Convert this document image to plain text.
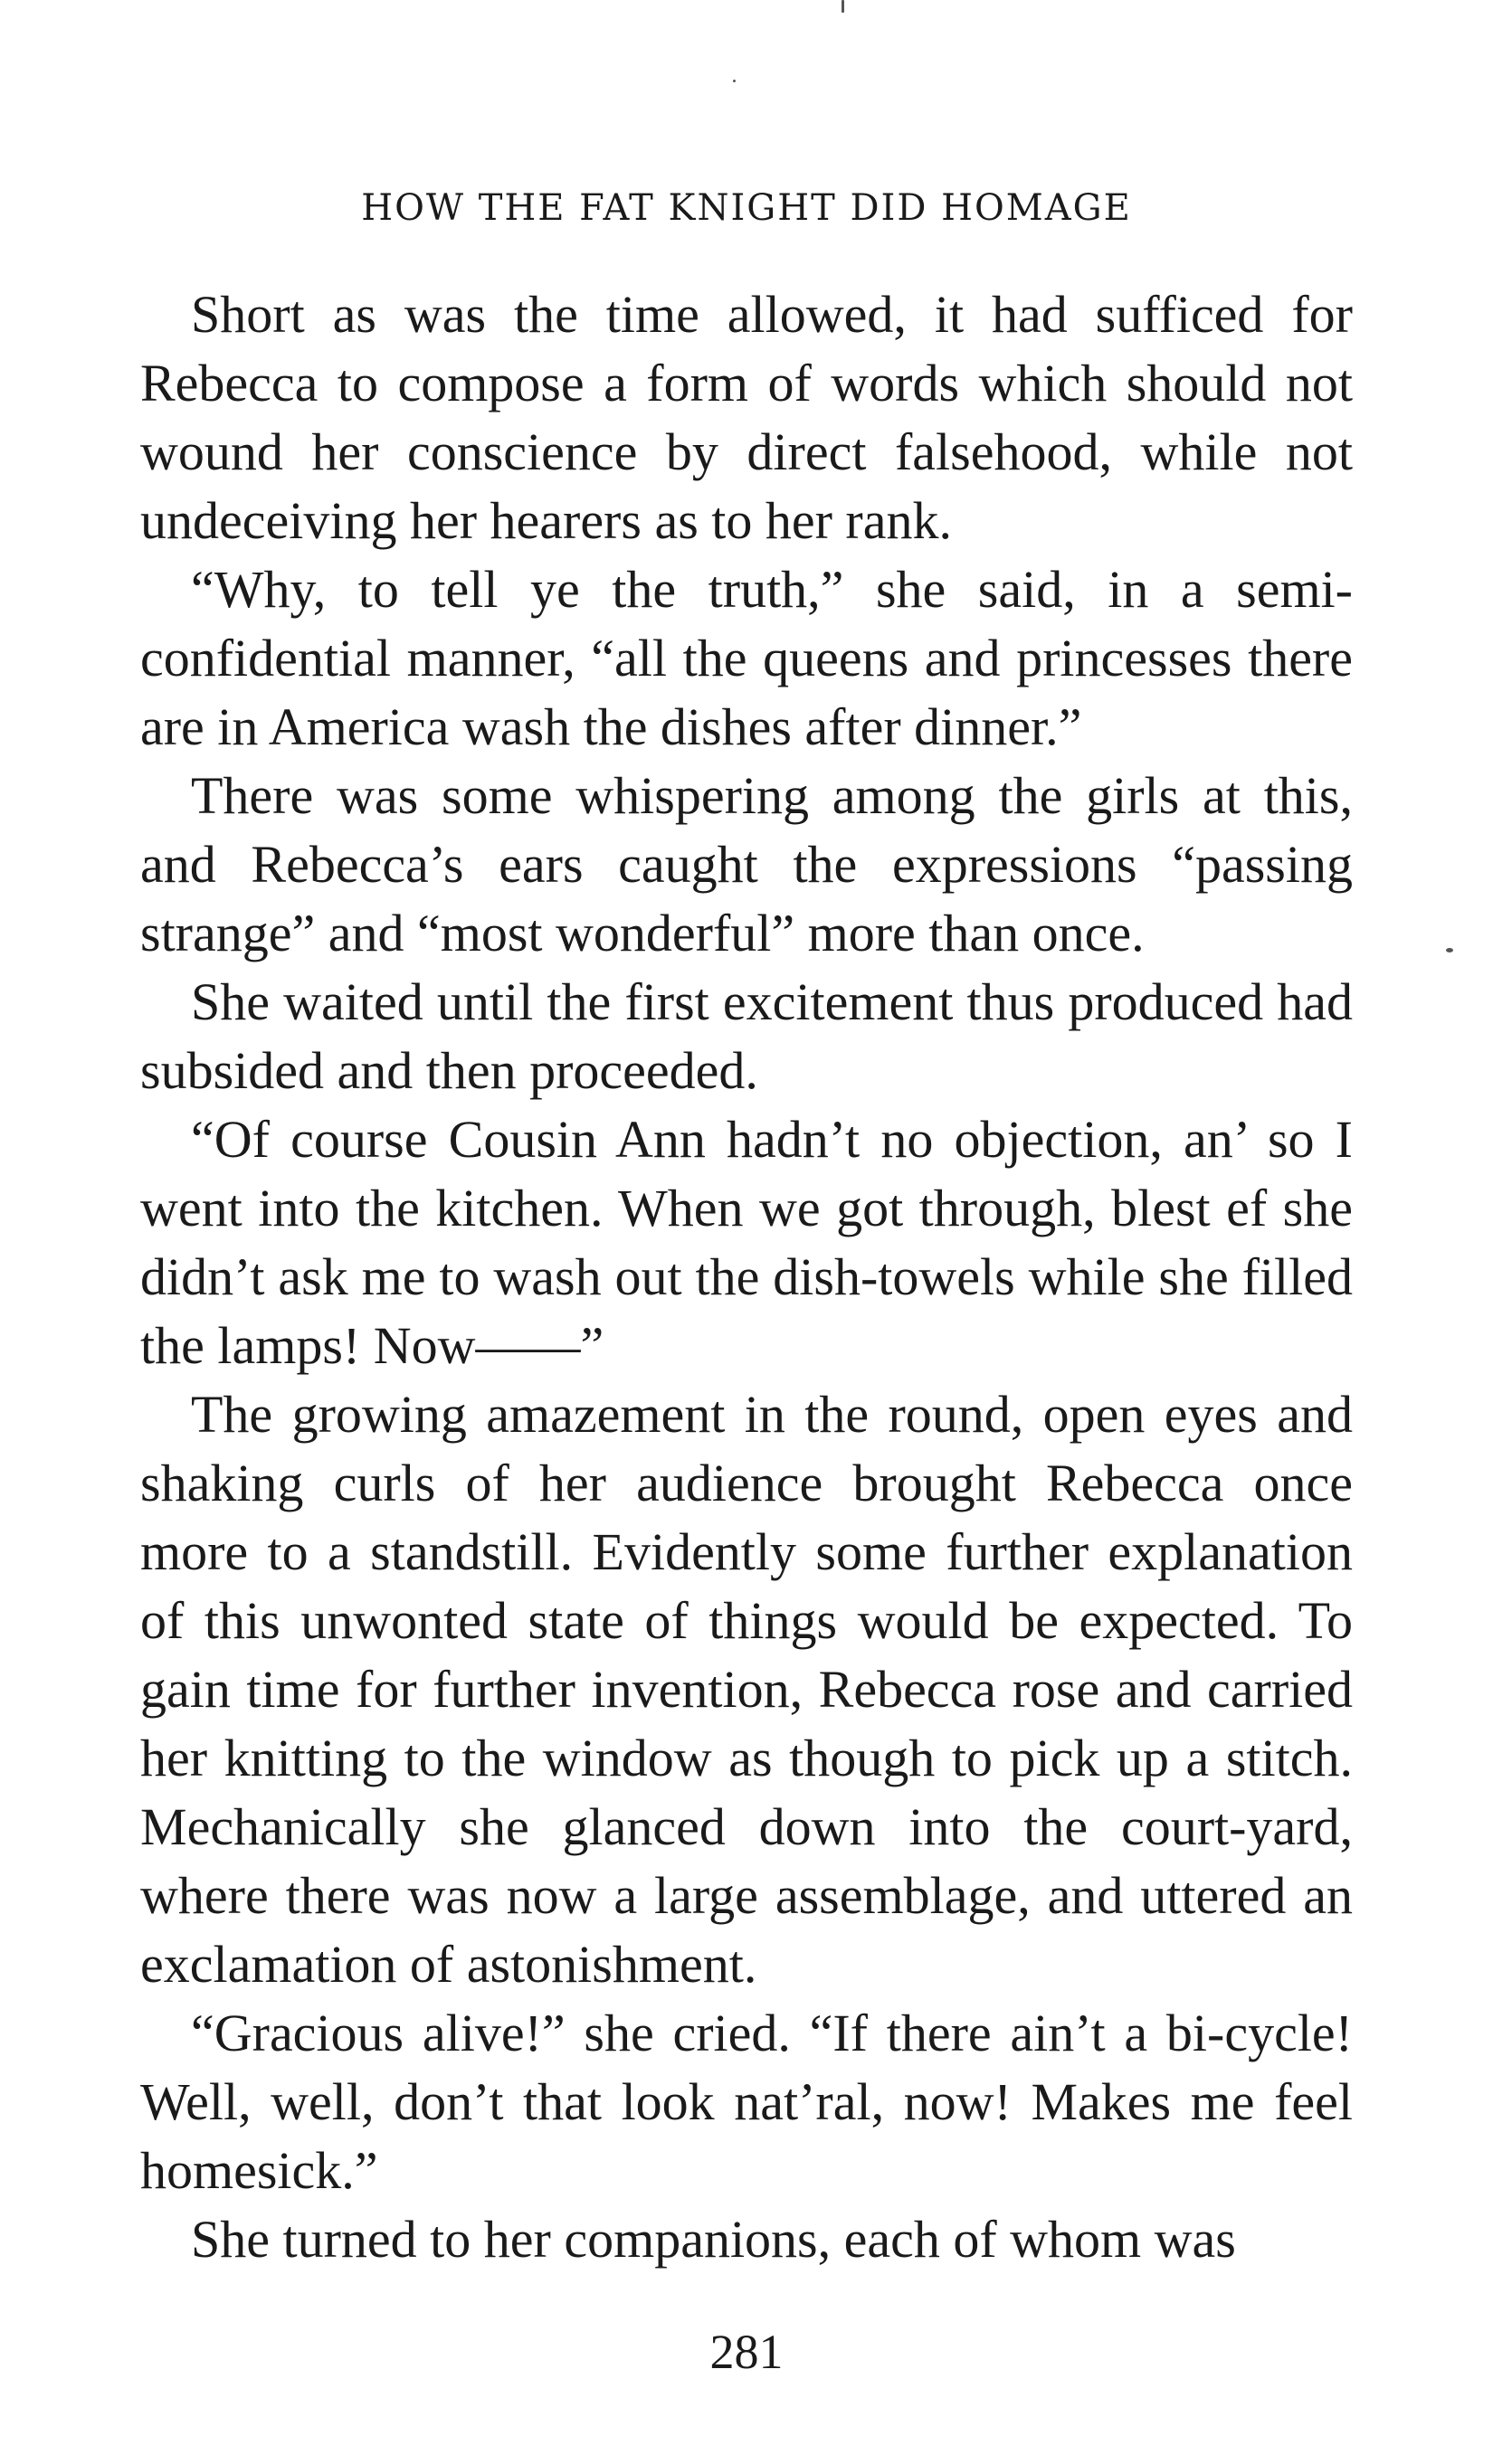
HOW THE FAT KNIGHT DID HOMAGE

Short as was the time allowed, it had sufficed for Rebecca to compose a form of words which should not wound her conscience by direct falsehood, while not undeceiving her hearers as to her rank.

“Why, to tell ye the truth,” she said, in a semi-confidential manner, “all the queens and princesses there are in America wash the dishes after dinner.”

There was some whispering among the girls at this, and Rebecca’s ears caught the expressions “passing strange” and “most wonderful” more than once.

She waited until the first excitement thus produced had subsided and then proceeded.

“Of course Cousin Ann hadn’t no objection, an’ so I went into the kitchen. When we got through, blest ef she didn’t ask me to wash out the dish-towels while she filled the lamps! Now——”

The growing amazement in the round, open eyes and shaking curls of her audience brought Rebecca once more to a standstill. Evidently some further explanation of this unwonted state of things would be expected. To gain time for further invention, Rebecca rose and carried her knitting to the window as though to pick up a stitch. Mechanically she glanced down into the court-yard, where there was now a large assemblage, and uttered an exclamation of astonishment.

“Gracious alive!” she cried. “If there ain’t a bi-cycle! Well, well, don’t that look nat’ral, now! Makes me feel homesick.”

She turned to her companions, each of whom was

281
